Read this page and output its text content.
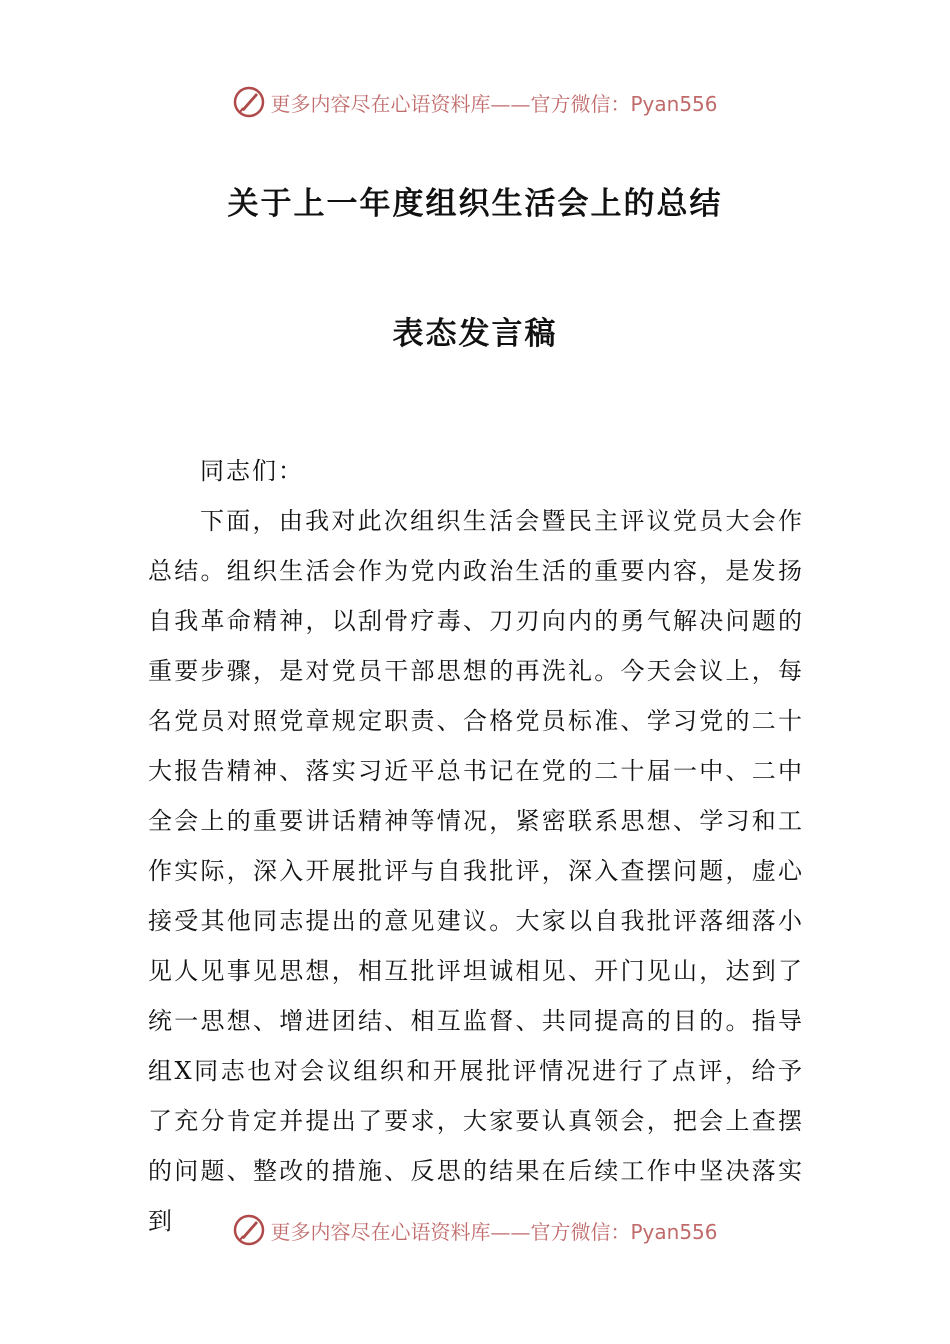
更多内容尽在心语资料库——官方微信：Pyan556
关于上一年度组织生活会上的总结
表态发言稿

同志们：

下面，由我对此次组织生活会暨民主评议党员大会作总结。组织生活会作为党内政治生活的重要内容，是发扬自我革命精神，以刮骨疗毒、刀刃向内的勇气解决问题的重要步骤，是对党员干部思想的再洗礼。今天会议上，每名党员对照党章规定职责、合格党员标准、学习党的二十大报告精神、落实习近平总书记在党的二十届一中、二中全会上的重要讲话精神等情况，紧密联系思想、学习和工作实际，深入开展批评与自我批评，深入查摆问题，虚心接受其他同志提出的意见建议。大家以自我批评落细落小见人见事见思想，相互批评坦诚相见、开门见山，达到了统一思想、增进团结、相互监督、共同提高的目的。指导组X同志也对会议组织和开展批评情况进行了点评，给予了充分肯定并提出了要求，大家要认真领会，把会上查摆的问题、整改的措施、反思的结果在后续工作中坚决落实到	更多内容尽在心语资料库——官方微信：Pyan556
